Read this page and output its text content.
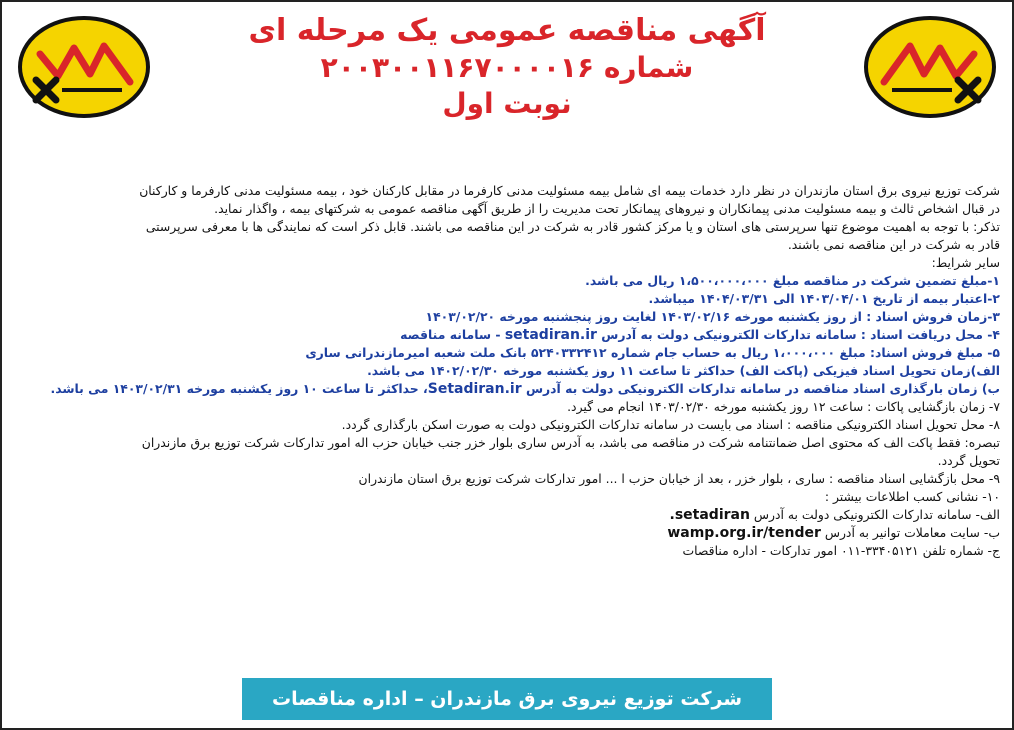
آگهی مناقصه عمومی یک مرحله ای
شماره ۲۰۰۳۰۰۱۱۶۷۰۰۰۰۱۶
نوبت اول
شرکت توزیع نیروی برق استان مازندران در نظر دارد خدمات بیمه ای شامل بیمه مسئولیت مدنی کارفرما در مقابل کارکنان خود ، بیمه مسئولیت مدنی کارفرما و کارکنان
در قبال اشخاص ثالث و بیمه مسئولیت مدنی پیمانکاران و نیروهای پیمانکار تحت مدیریت را از طریق آگهی مناقصه عمومی به شرکتهای بیمه ، واگذار نماید.
تذکر: با توجه به اهمیت موضوع تنها سرپرستی های استان و یا مرکز کشور قادر به شرکت در این مناقصه می باشند. قابل ذکر است که نمایندگی ها با معرفی سرپرستی
قادر به شرکت در این مناقصه نمی باشند.
سایر شرایط:
۱-مبلغ تضمین شرکت در مناقصه مبلغ ۱،۵۰۰،۰۰۰،۰۰۰ ریال می باشد.
۲-اعتبار بیمه از تاریخ ۱۴۰۳/۰۴/۰۱ الی ۱۴۰۴/۰۳/۳۱ میباشد.
۳-زمان فروش اسناد : از روز یکشنبه مورخه ۱۴۰۳/۰۲/۱۶ لغایت روز پنجشنبه مورخه ۱۴۰۳/۰۲/۲۰
۴- محل دریافت اسناد : سامانه تدارکات الکترونیکی دولت به آدرس setadiran.ir - سامانه مناقصه
۵- مبلغ فروش اسناد: مبلغ ۱،۰۰۰،۰۰۰ ریال به حساب جام شماره ۵۲۴۰۳۳۲۴۱۲ بانک ملت شعبه امیرمازندرانی ساری
الف)زمان تحویل اسناد فیزیکی (پاکت الف) حداکثر تا ساعت ۱۱ روز یکشنبه مورخه ۱۴۰۲/۰۲/۳۰ می باشد.
ب) زمان بارگذاری اسناد مناقصه در سامانه تدارکات الکترونیکی دولت به آدرس Setadiran.ir، حداکثر تا ساعت ۱۰ روز یکشنبه مورخه ۱۴۰۳/۰۲/۳۱ می باشد.
۷- زمان بازگشایی پاکات : ساعت ۱۲ روز یکشنبه مورخه ۱۴۰۳/۰۲/۳۰ انجام می گیرد.
۸- محل تحویل اسناد الکترونیکی مناقصه : اسناد می بایست در سامانه تدارکات الکترونیکی دولت به صورت اسکن بارگذاری گردد.
تبصره: فقط پاکت الف که محتوی اصل ضمانتنامه شرکت در مناقصه می باشد، به آدرس ساری بلوار خزر جنب خیابان حزب اله امور تدارکات شرکت توزیع برق مازندران
تحویل گردد.
۹- محل بازگشایی اسناد مناقصه : ساری ، بلوار خزر ، بعد از خیابان حزب ا ... امور تدارکات شرکت توزیع برق استان مازندران
۱۰- نشانی کسب اطلاعات بیشتر :
الف- سامانه تدارکات الکترونیکی دولت به آدرس setadiran.
ب- سایت معاملات توانیر به آدرس wamp.org.ir/tender
ج- شماره تلفن ۳۳۴۰۵۱۲۱-۰۱۱ امور تدارکات - اداره مناقصات
شرکت توزیع نیروی برق مازندران – اداره مناقصات
